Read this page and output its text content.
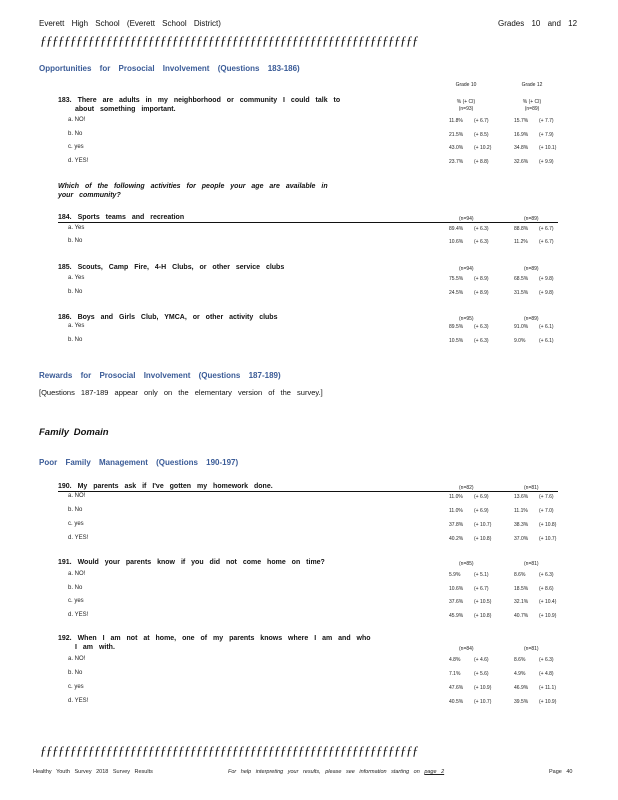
Everett High School (Everett School District)	Grades 10 and 12
ƒƒƒƒƒƒƒƒƒƒƒƒƒƒƒƒƒƒƒƒƒƒƒƒƒƒƒƒƒƒƒƒƒƒƒƒƒƒƒƒƒƒƒƒƒƒƒƒƒƒƒƒƒƒƒƒƒƒƒƒƒƒƒ
Opportunities for Prosocial Involvement (Questions 183-186)
Grade 10	Grade 12
% (+ CI)
(n=93)
% (+ CI)
(n=89)
183. There are adults in my neighborhood or community I could talk to
about something important.
a. NO!	11.8% (+ 6.7)	15.7% (+ 7.7)
b. No	21.5% (+ 8.5)	16.9% (+ 7.9)
c. yes	43.0% (+ 10.2)	34.8% (+ 10.1)
d. YES!	23.7% (+ 8.8)	32.6% (+ 9.9)
Which of the following activities for people your age are available in
your community?
184. Sports teams and recreation	(n=94)	(n=89)
a. Yes	89.4% (+ 6.3)	88.8% (+ 6.7)
b. No	10.6% (+ 6.3)	11.2% (+ 6.7)
185. Scouts, Camp Fire, 4-H Clubs, or other service clubs	(n=94)	(n=89)
a. Yes	75.5% (+ 8.9)	68.5% (+ 9.8)
b. No	24.5% (+ 8.9)	31.5% (+ 9.8)
186. Boys and Girls Club, YMCA, or other activity clubs	(n=95)	(n=89)
a. Yes	89.5% (+ 6.3)	91.0% (+ 6.1)
b. No	10.5% (+ 6.3)	9.0%	(+ 6.1)
Rewards for Prosocial Involvement (Questions 187-189)
[Questions 187-189 appear only on the elementary version of the survey.]
Family Domain
Poor Family Management (Questions 190-197)
190. My parents ask if I've gotten my homework done.	(n=82)	(n=81)
a. NO!	11.0% (+ 6.9)	13.6% (+ 7.6)
b. No	11.0% (+ 6.9)	11.1% (+ 7.0)
c. yes	37.8% (+ 10.7)	38.3% (+ 10.8)
d. YES!	40.2% (+ 10.8)	37.0% (+ 10.7)
191. Would your parents know if you did not come home on time?	(n=85)	(n=81)
a. NO!	5.9%	(+ 5.1)	8.6%	(+ 6.3)
b. No	10.6% (+ 6.7)	18.5% (+ 8.6)
c. yes	37.6% (+ 10.5)	32.1% (+ 10.4)
d. YES!	45.9% (+ 10.8)	40.7% (+ 10.9)
192. When I am not at home, one of my parents knows where I am and who
I am with.	(n=84)	(n=81)
a. NO!	4.8%	(+ 4.6)	8.6%	(+ 6.3)
b. No	7.1%	(+ 5.6)	4.9%	(+ 4.8)
c. yes	47.6% (+ 10.9)	46.9% (+ 11.1)
d. YES!	40.5% (+ 10.7)	39.5% (+ 10.9)
ƒƒƒƒƒƒƒƒƒƒƒƒƒƒƒƒƒƒƒƒƒƒƒƒƒƒƒƒƒƒƒƒƒƒƒƒƒƒƒƒƒƒƒƒƒƒƒƒƒƒƒƒƒƒƒƒƒƒƒƒƒƒƒ
Healthy Youth Survey 2018 Survey Results	For help interpreting your results, please see information starting on page 2	Page 40
